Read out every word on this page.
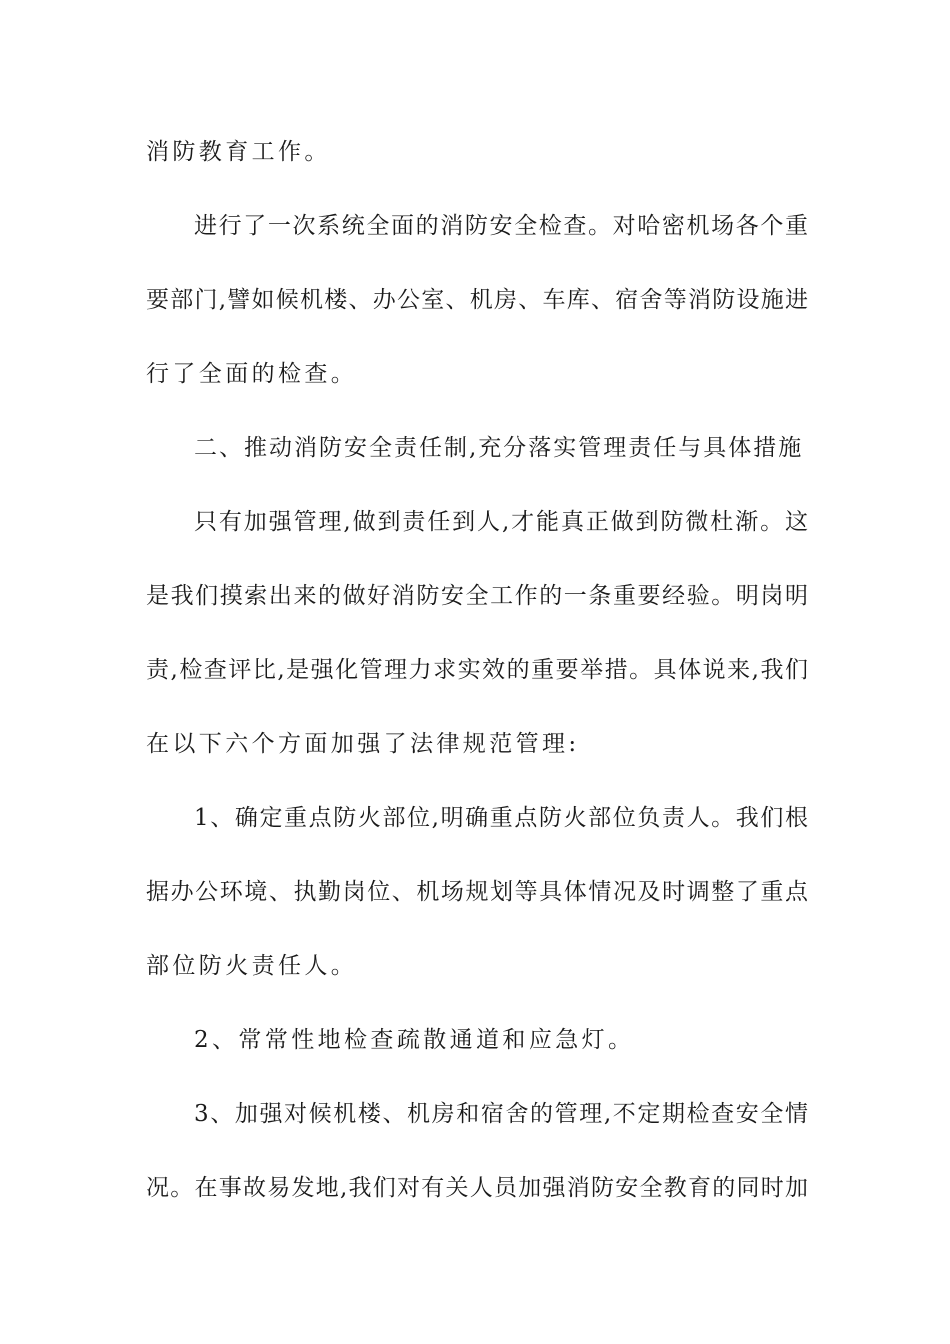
消防教育工作。
进行了一次系统全面的消防安全检查。对哈密机场各个重
要部门,譬如候机楼、办公室、机房、车库、宿舍等消防设施进
行了全面的检查。
二、推动消防安全责任制,充分落实管理责任与具体措施
只有加强管理,做到责任到人,才能真正做到防微杜渐。这
是我们摸索出来的做好消防安全工作的一条重要经验。明岗明
责,检查评比,是强化管理力求实效的重要举措。具体说来,我们
在以下六个方面加强了法律规范管理:
1、确定重点防火部位,明确重点防火部位负责人。我们根
据办公环境、执勤岗位、机场规划等具体情况及时调整了重点
部位防火责任人。
2、常常性地检查疏散通道和应急灯。
3、加强对候机楼、机房和宿舍的管理,不定期检查安全情
况。在事故易发地,我们对有关人员加强消防安全教育的同时加
